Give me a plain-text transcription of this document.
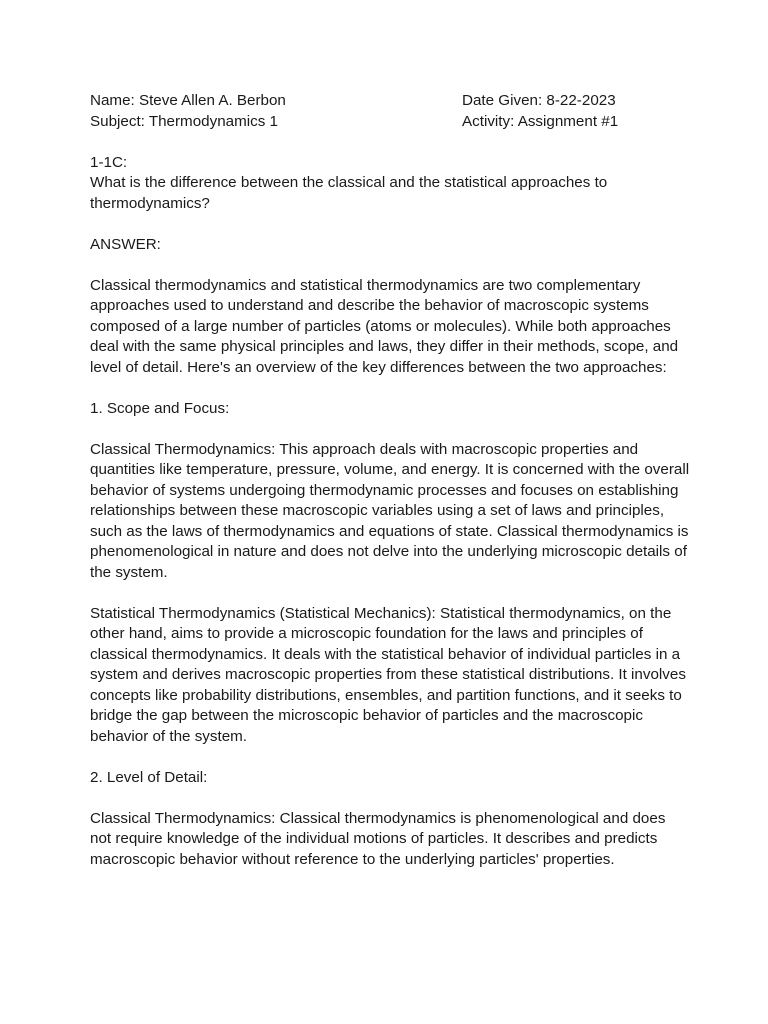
Name: Steve Allen A. Berbon	Date Given: 8-22-2023
Subject: Thermodynamics 1	Activity: Assignment #1

1-1C:

What is the difference between the classical and the statistical approaches to thermodynamics?

ANSWER:

Classical thermodynamics and statistical thermodynamics are two complementary approaches used to understand and describe the behavior of macroscopic systems composed of a large number of particles (atoms or molecules). While both approaches deal with the same physical principles and laws, they differ in their methods, scope, and level of detail. Here's an overview of the key differences between the two approaches:

1. Scope and Focus:

Classical Thermodynamics: This approach deals with macroscopic properties and quantities like temperature, pressure, volume, and energy. It is concerned with the overall behavior of systems undergoing thermodynamic processes and focuses on establishing relationships between these macroscopic variables using a set of laws and principles, such as the laws of thermodynamics and equations of state. Classical thermodynamics is phenomenological in nature and does not delve into the underlying microscopic details of the system.

Statistical Thermodynamics (Statistical Mechanics): Statistical thermodynamics, on the other hand, aims to provide a microscopic foundation for the laws and principles of classical thermodynamics. It deals with the statistical behavior of individual particles in a system and derives macroscopic properties from these statistical distributions. It involves concepts like probability distributions, ensembles, and partition functions, and it seeks to bridge the gap between the microscopic behavior of particles and the macroscopic behavior of the system.

2. Level of Detail:

Classical Thermodynamics: Classical thermodynamics is phenomenological and does not require knowledge of the individual motions of particles. It describes and predicts macroscopic behavior without reference to the underlying particles' properties.
